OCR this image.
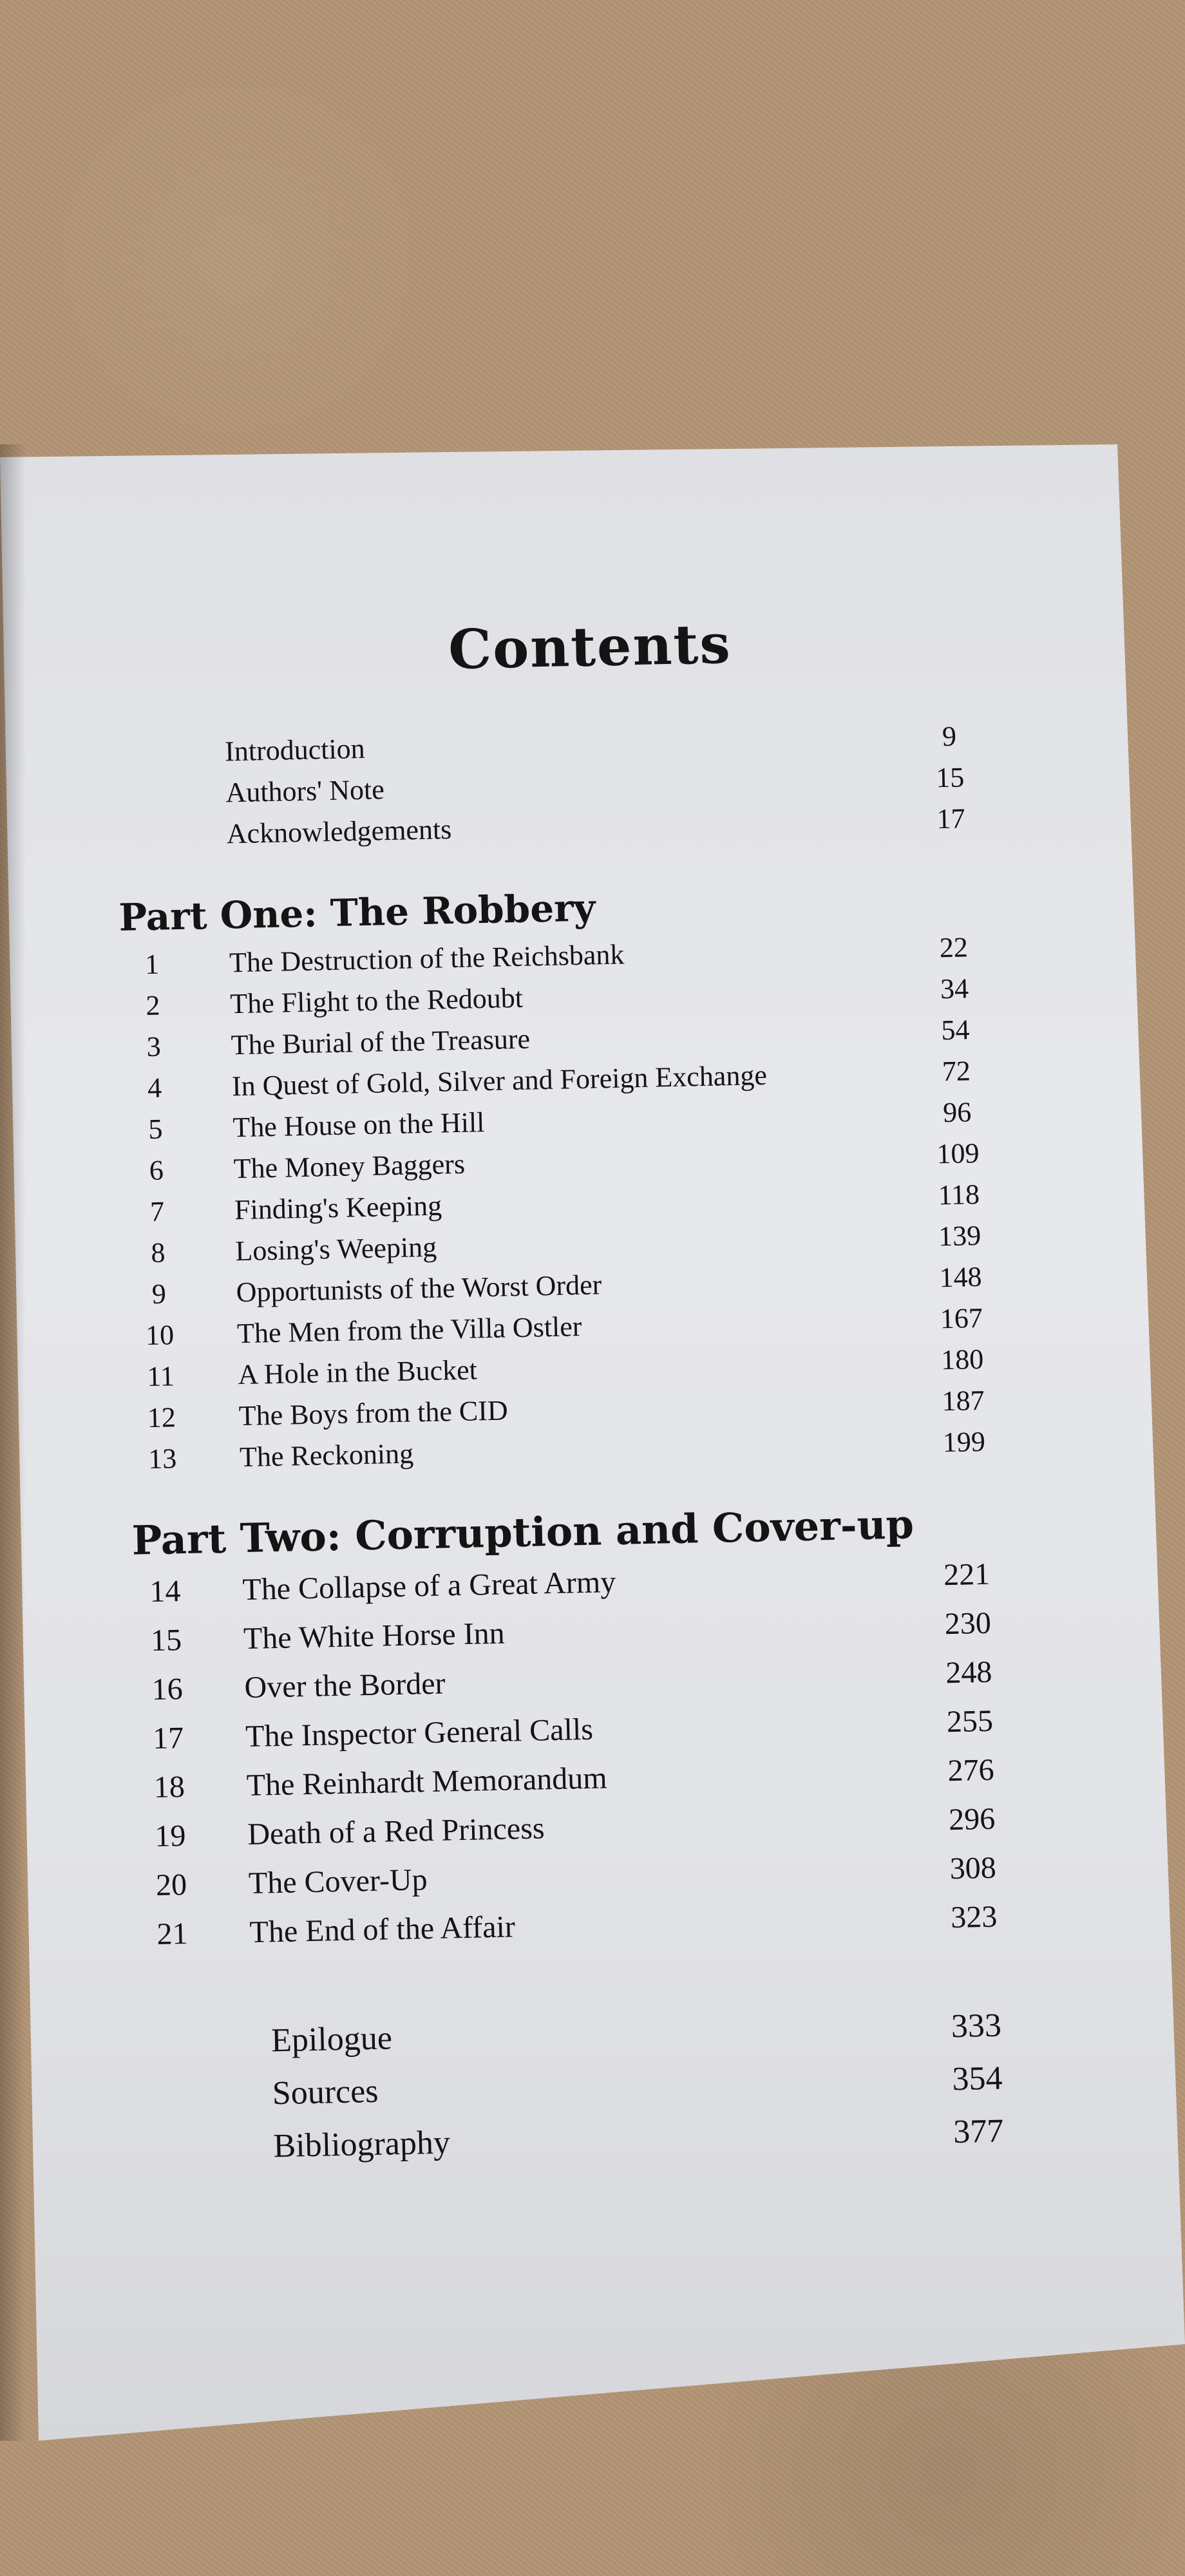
Contents
Introduction	9
Authors' Note	15
Acknowledgements	17
Part One: The Robbery
1	The Destruction of the Reichsbank	22
2	The Flight to the Redoubt	34
3	The Burial of the Treasure	54
4	In Quest of Gold, Silver and Foreign Exchange	72
5	The House on the Hill	96
6	The Money Baggers	109
7	Finding's Keeping	118
8	Losing's Weeping	139
9	Opportunists of the Worst Order	148
10	The Men from the Villa Ostler	167
11	A Hole in the Bucket	180
12	The Boys from the CID	187
13	The Reckoning	199
Part Two: Corruption and Cover-up
14	The Collapse of a Great Army	221
15	The White Horse Inn	230
16	Over the Border	248
17	The Inspector General Calls	255
18	The Reinhardt Memorandum	276
19	Death of a Red Princess	296
20	The Cover-Up	308
21	The End of the Affair	323
Epilogue	333
Sources	354
Bibliography	377
